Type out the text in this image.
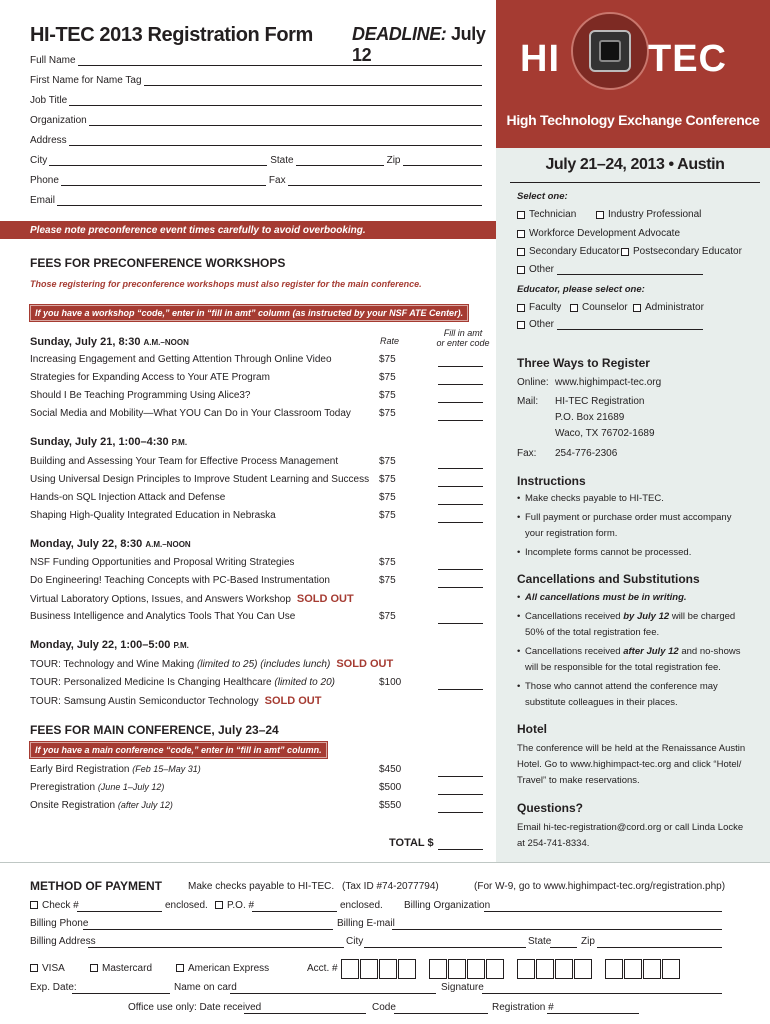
HI-TEC 2013 Registration Form DEADLINE: July 12
Full Name
First Name for Name Tag
Job Title
Organization
Address
City	State	Zip
Phone	Fax
Email
Please note preconference event times carefully to avoid overbooking.
FEES FOR PRECONFERENCE WORKSHOPS
Those registering for preconference workshops must also register for the main conference.
If you have a workshop “code,” enter in “fill in amt” column (as instructed by your NSF ATE Center).
Rate
Fill in amt
or enter code
Sunday, July 21, 8:30 A.M.–NOON
Increasing Engagement and Getting Attention Through Online Video	$75
Strategies for Expanding Access to Your ATE Program	$75
Should I Be Teaching Programming Using Alice3?	$75
Social Media and Mobility—What YOU Can Do in Your Classroom Today	$75
Sunday, July 21, 1:00–4:30 P.M.
Building and Assessing Your Team for Effective Process Management	$75
Using Universal Design Principles to Improve Student Learning and Success $75
Hands-on SQL Injection Attack and Defense	$75
Shaping High-Quality Integrated Education in Nebraska	$75
Monday, July 22, 8:30 A.M.–NOON
NSF Funding Opportunities and Proposal Writing Strategies	$75
Do Engineering! Teaching Concepts with PC-Based Instrumentation	$75
Virtual Laboratory Options, Issues, and Answers Workshop SOLD OUT
Business Intelligence and Analytics Tools That You Can Use	$75
Monday, July 22, 1:00–5:00 P.M.
TOUR: Technology and Wine Making (limited to 25) (includes lunch) SOLD OUT
TOUR: Personalized Medicine Is Changing Healthcare (limited to 20)	$100
TOUR: Samsung Austin Semiconductor Technology SOLD OUT
FEES FOR MAIN CONFERENCE, July 23–24
If you have a main conference “code,” enter in “fill in amt” column.
Early Bird Registration (Feb 15–May 31)	$450
Preregistration (June 1–July 12)	$500
Onsite Registration (after July 12)	$550
TOTAL $
HI TEC
High Technology Exchange Conference
July 21–24, 2013 • Austin
Select one:
Technician	Industry Professional
Workforce Development Advocate
Secondary Educator Postsecondary Educator
Other
Educator, please select one:
Faculty Counselor Administrator
Other
Three Ways to Register
Online: www.highimpact-tec.org
Mail: HI-TEC Registration
P.O. Box 21689
Waco, TX 76702-1689
Fax: 254-776-2306
Instructions
• Make checks payable to HI-TEC.
• Full payment or purchase order must accompany
your registration form.
• Incomplete forms cannot be processed.
Cancellations and Substitutions
• All cancellations must be in writing.
• Cancellations received by July 12 will be charged
50% of the total registration fee.
• Cancellations received after July 12 and no-shows
will be responsible for the total registration fee.
• Those who cannot attend the conference may
substitute colleagues in their places.
Hotel
The conference will be held at the Renaissance Austin
Hotel. Go to www.highimpact-tec.org and click “Hotel/
Travel” to make reservations.
Questions?
Email hi-tec-registration@cord.org or call Linda Locke
at 254-741-8334.
METHOD OF PAYMENT	Make checks payable to HI-TEC. (Tax ID #74-2077794)	(For W-9, go to www.highimpact-tec.org/registration.php)
Check #	enclosed.	P.O. #	enclosed. Billing Organization
Billing Phone	Billing E-mail
Billing Address	City	State	Zip
VISA	Mastercard	American Express	Acct. #
Exp. Date:	Name on card	Signature
Office use only: Date received	Code	Registration #
